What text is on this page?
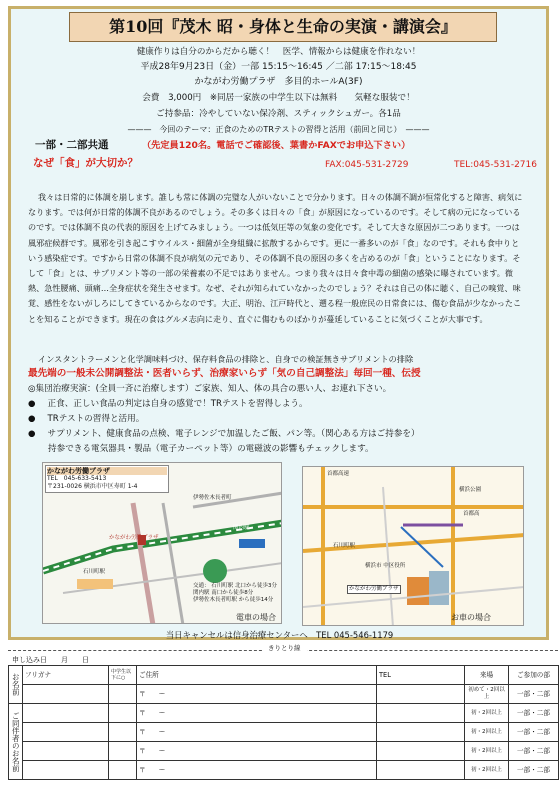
第10回『茂木 昭・身体と生命の実演・講演会』
健康作りは自分のからだから聴く！　医学、情報からは健康を作れない！
平成28年9月23日（金）一部 15:15～16:45 ／二部 17:15～18:45
かながわ労働プラザ　多目的ホールA(3F)
会費　3,000円　※同居一家族の中学生以下は無料　　気軽な服装で！
ご持参品：冷やしていない保冷剤、スティックシュガー。各1品
———　今回のテーマ：正食のためのTRテストの習得と活用（前回と同じ）　———
一部・二部共通	（先定員120名。電話でご確認後、葉書かFAXでお申込下さい）
なぜ「食」が大切か？	FAX:045-531-2729	TEL:045-531-2716
我々は日常的に体調を崩します。誰しも常に体調の完璧な人がいないことで分かります。日々の体調不調が恒常化すると障害、病気になります。では何が日常的体調不良があるのでしょう。その多くは日々の「食」が原因になっているのです。そして病の元になっているのです。では体調不良の代表的原因を上げてみましょう。一つは低気圧等の気象の変化です。そして大きな原因が二つあります。一つは風邪症候群です。風邪を引き起こすウイルス・細菌が全身組織に拡散するからです。更に一番多いのが「食」なのです。それも食中りという感染症です。ですから日常の体調不良が病気の元であり、その体調不良の原因の多くを占めるのが「食」ということになります。そして「食」とは、サプリメント等の一部の栄養素の不足ではありません。つまり我々は日々食中毒の細菌の感染に曝されています。微熱、急性腰痛、頭痛…全身症状を発生させます。なぜ、それが知られていなかったのでしょう？それは自己の体に聴く、自己の嗅覚、味覚、感性をないがしろにしてきているからなのです。大正、明治、江戸時代と、遡る程一般庶民の日常食には、傷む食品が少なかったことを知ることができます。現在の食はグルメ志向に走り、直ぐに傷むものばかりが蔓延していることに気づくことが大事です。
インスタントラーメンと化学調味料づけ、保存料食品の排除と、自身での検証無きサプリメントの排除
最先端の一般未公開調整法・医者いらず、治療家いらず「気の自己調整法」毎回一種、伝授
◎集団治療実演：(全員一斉に治療します）ご家族、知人、体の具合の悪い人、お連れ下さい。
● 正食、正しい食品の判定は自身の感覚で！TRテストを習得しよう。
● TRテストの習得と活用。
● サプリメント、健康食品の点検、電子レンジで加温したご飯、パン等。（関心ある方はご持参を）
持参できる電気器具・製品（電子カーペット等）の電磁波の影響もチェックします。
かながわ労働プラザ
TEL　045-633-5413
〒231-0026 横浜市中区寿町 1-4
関内駅
石川町駅
伊勢佐木長者町
交通： 石川町駅 北口から徒歩3分
関内駅 南口から徒歩8分
伊勢佐木長者町駅 から徒歩14分
かながわ労働プラザ
電車の場合
首都高速
横浜公園
石川町駅
首都高
横浜市 中区役所
かながわ労働プラザ
お車の場合
当日キャンセルは信身治療センターへ　TEL 045-546-1179
きりとり線
申し込み日　　月　　日
お名前	フリガナ	中学生以下に○	ご住所	TEL	来場	ご参加の部
			〒　　ー		初めて・2回以上	一部・二部
ご同伴者のお名前			〒　　ー		初・2回以上	一部・二部
			〒　　ー		初・2回以上	一部・二部
			〒　　ー		初・2回以上	一部・二部
			〒　　ー		初・2回以上	一部・二部
